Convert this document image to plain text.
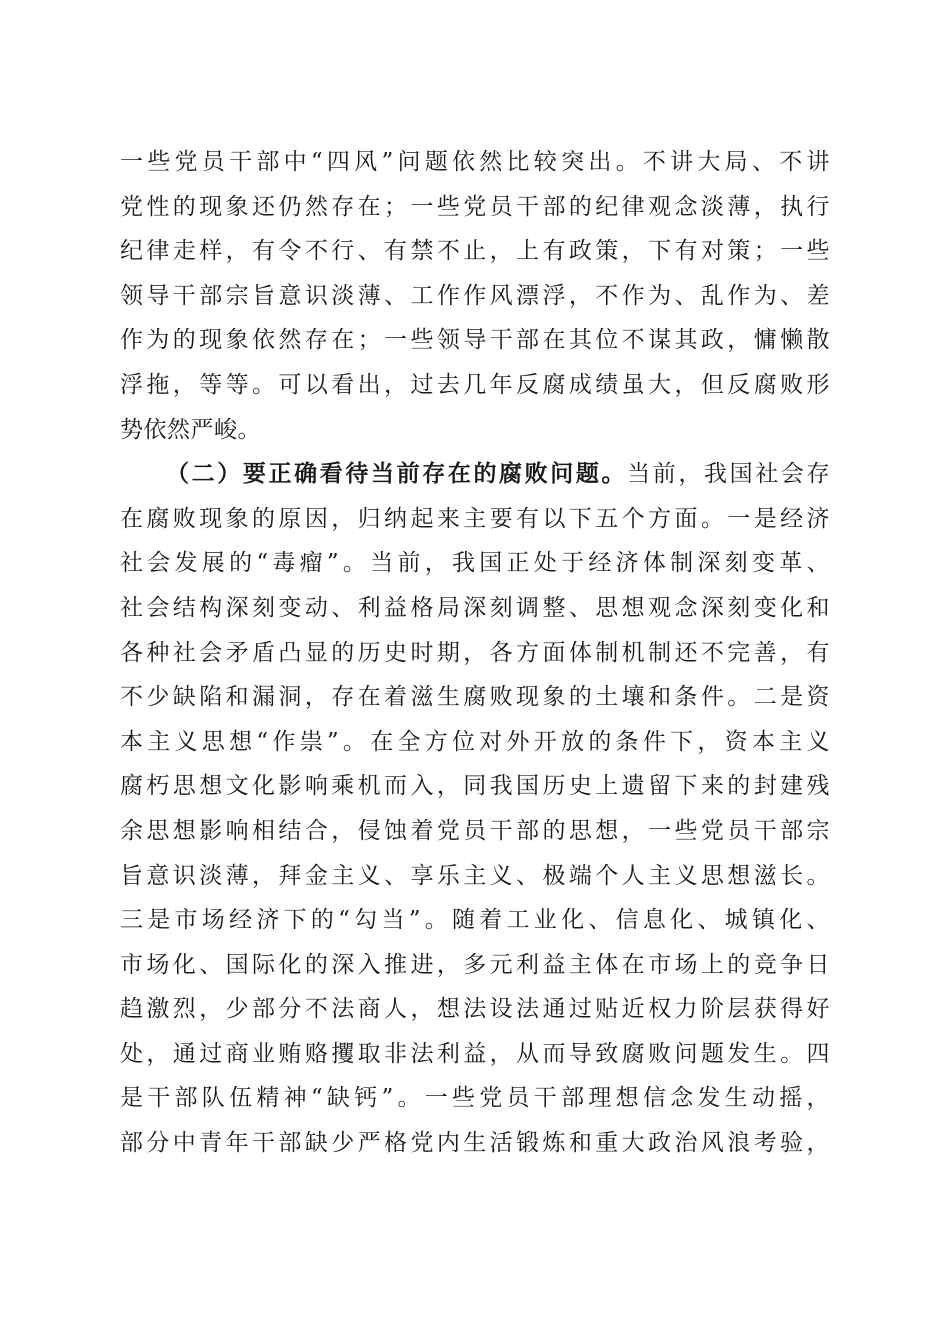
一些党员干部中“四风”问题依然比较突出。不讲大局、不讲
党性的现象还仍然存在；一些党员干部的纪律观念淡薄，执行
纪律走样，有令不行、有禁不止，上有政策，下有对策；一些
领导干部宗旨意识淡薄、工作作风漂浮，不作为、乱作为、差
作为的现象依然存在；一些领导干部在其位不谋其政，慵懒散
浮拖，等等。可以看出，过去几年反腐成绩虽大，但反腐败形
势依然严峻。
（二）要正确看待当前存在的腐败问题。当前，我国社会存
在腐败现象的原因，归纳起来主要有以下五个方面。一是经济
社会发展的“毒瘤”。当前，我国正处于经济体制深刻变革、
社会结构深刻变动、利益格局深刻调整、思想观念深刻变化和
各种社会矛盾凸显的历史时期，各方面体制机制还不完善，有
不少缺陷和漏洞，存在着滋生腐败现象的土壤和条件。二是资
本主义思想“作祟”。在全方位对外开放的条件下，资本主义
腐朽思想文化影响乘机而入，同我国历史上遗留下来的封建残
余思想影响相结合，侵蚀着党员干部的思想，一些党员干部宗
旨意识淡薄，拜金主义、享乐主义、极端个人主义思想滋长。
三是市场经济下的“勾当”。随着工业化、信息化、城镇化、
市场化、国际化的深入推进，多元利益主体在市场上的竞争日
趋激烈，少部分不法商人，想法设法通过贴近权力阶层获得好
处，通过商业贿赂攫取非法利益，从而导致腐败问题发生。四
是干部队伍精神“缺钙”。一些党员干部理想信念发生动摇，
部分中青年干部缺少严格党内生活锻炼和重大政治风浪考验，
